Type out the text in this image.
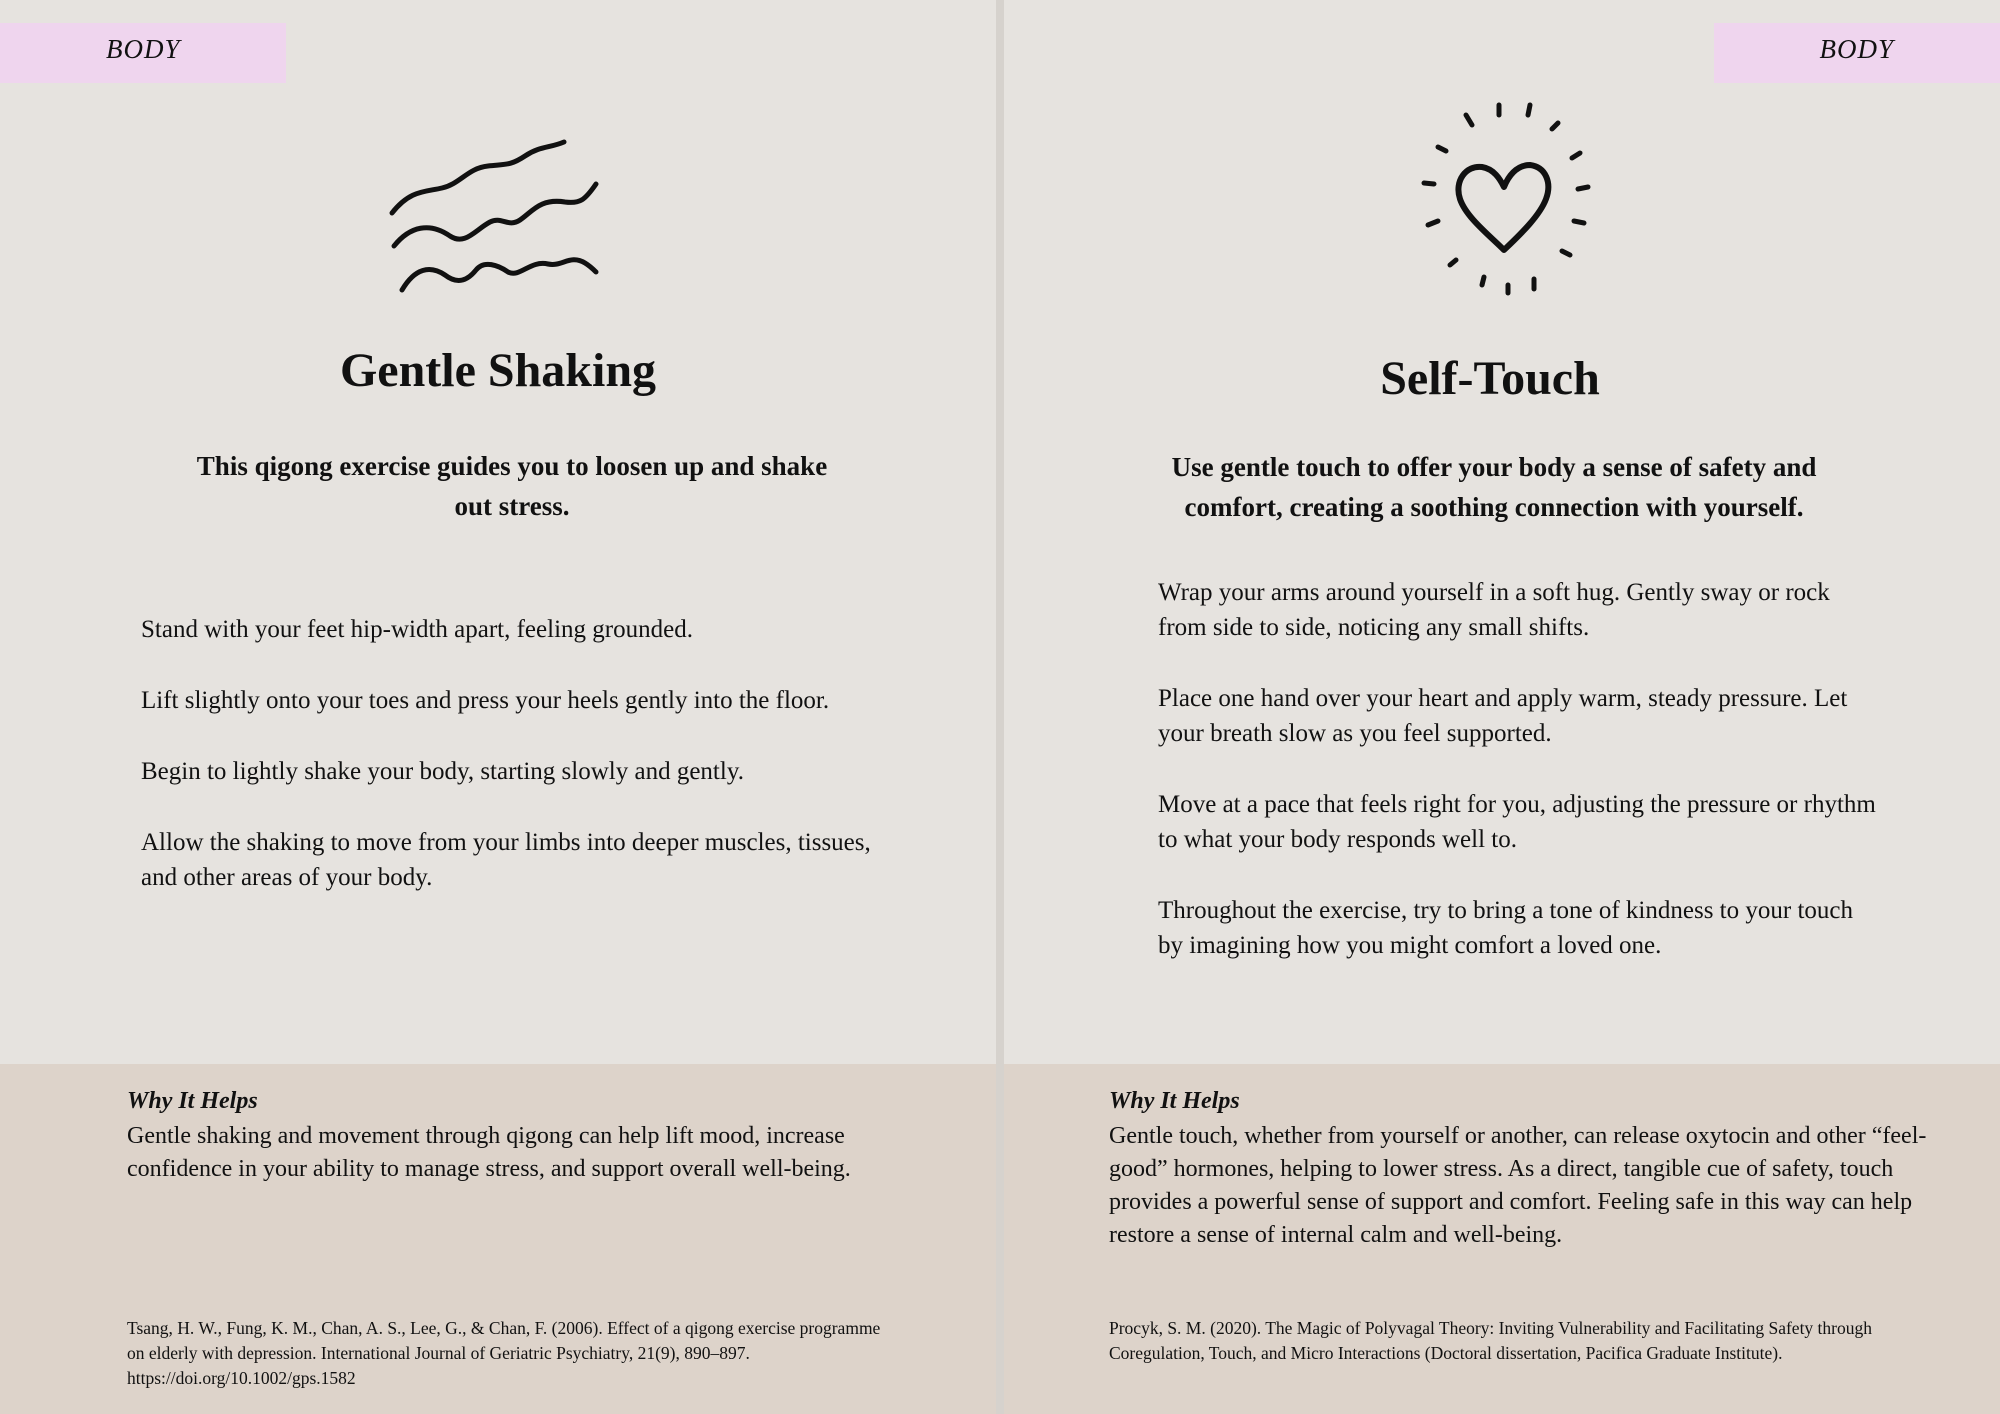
BODY
Gentle Shaking

This qigong exercise guides you to loosen up and shake out stress.

Stand with your feet hip-width apart, feeling grounded.
Lift slightly onto your toes and press your heels gently into the floor.
Begin to lightly shake your body, starting slowly and gently.
Allow the shaking to move from your limbs into deeper muscles, tissues, and other areas of your body.

Why It Helps

Gentle shaking and movement through qigong can help lift mood, increase confidence in your ability to manage stress, and support overall well-being.

Tsang, H. W., Fung, K. M., Chan, A. S., Lee, G., & Chan, F. (2006). Effect of a qigong exercise programme on elderly with depression. International Journal of Geriatric Psychiatry, 21(9), 890–897. https://doi.org/10.1002/gps.1582

BODY
Self-Touch

Use gentle touch to offer your body a sense of safety and comfort, creating a soothing connection with yourself.

Wrap your arms around yourself in a soft hug. Gently sway or rock from side to side, noticing any small shifts.
Place one hand over your heart and apply warm, steady pressure. Let your breath slow as you feel supported.
Move at a pace that feels right for you, adjusting the pressure or rhythm to what your body responds well to.
Throughout the exercise, try to bring a tone of kindness to your touch by imagining how you might comfort a loved one.

Why It Helps

Gentle touch, whether from yourself or another, can release oxytocin and other “feel-good” hormones, helping to lower stress. As a direct, tangible cue of safety, touch provides a powerful sense of support and comfort. Feeling safe in this way can help restore a sense of internal calm and well-being.

Procyk, S. M. (2020). The Magic of Polyvagal Theory: Inviting Vulnerability and Facilitating Safety through Coregulation, Touch, and Micro Interactions (Doctoral dissertation, Pacifica Graduate Institute).
